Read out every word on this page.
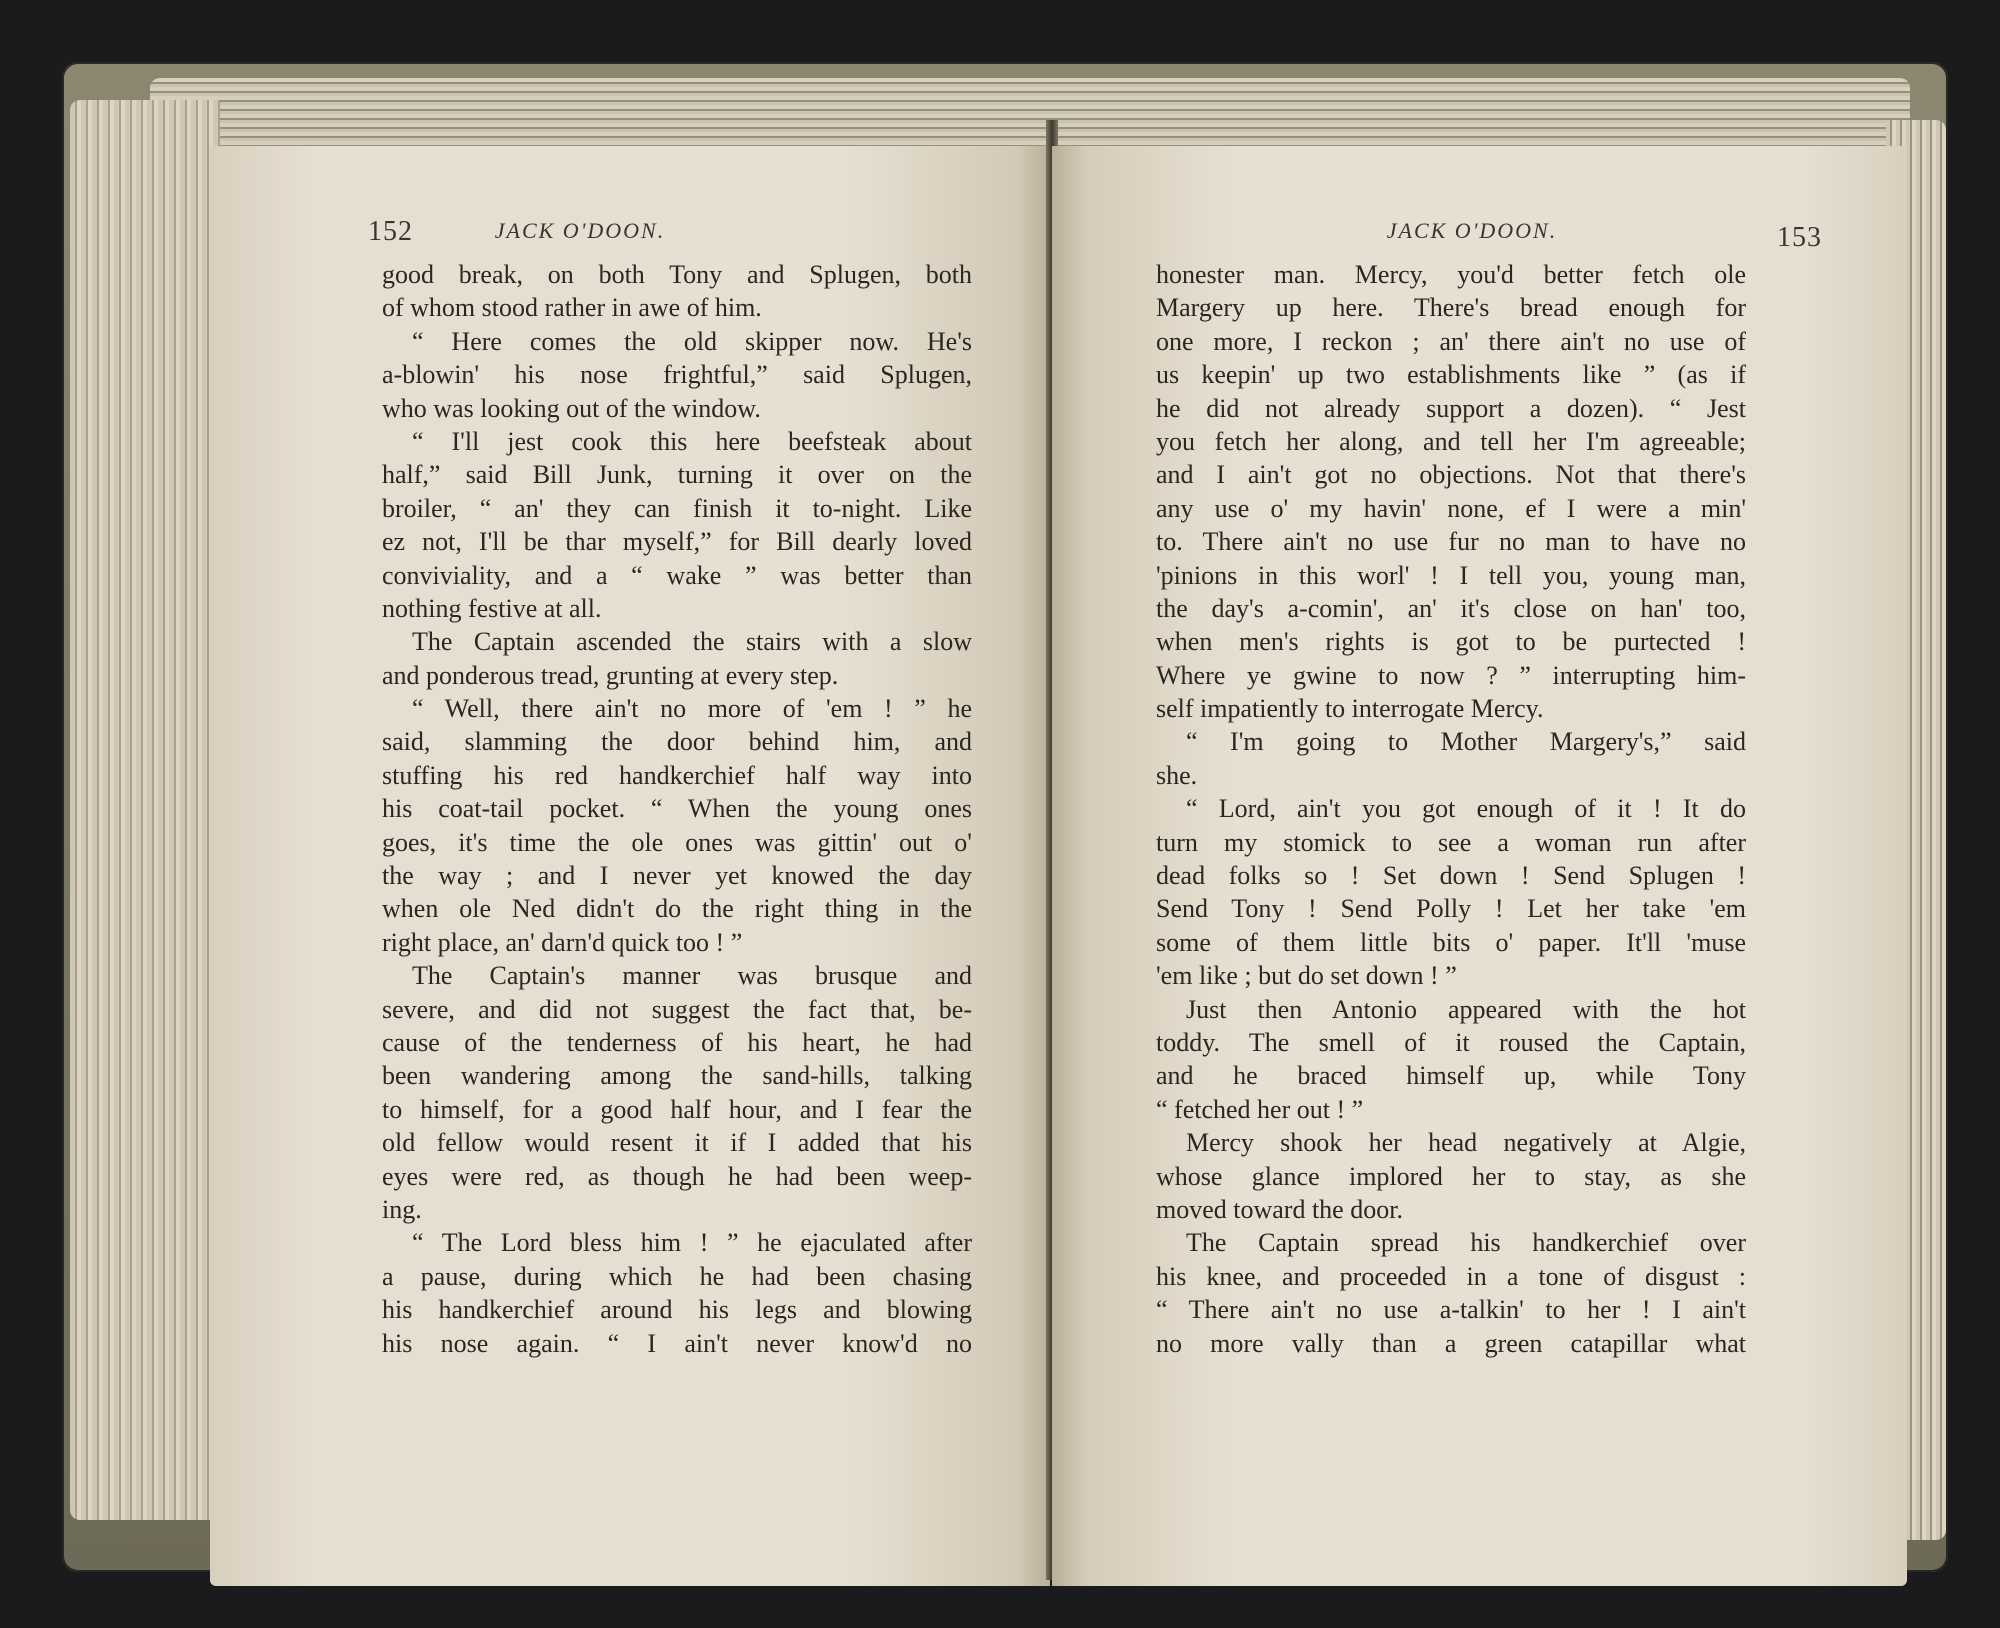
152	JACK O'DOON.
good break, on both Tony and Splugen, both
of whom stood rather in awe of him.
“ Here comes the old skipper now. He's
a-blowin' his nose frightful,” said Splugen,
who was looking out of the window.
“ I'll jest cook this here beefsteak about
half,” said Bill Junk, turning it over on the
broiler, “ an' they can finish it to-night. Like
ez not, I'll be thar myself,” for Bill dearly loved
conviviality, and a “ wake ” was better than
nothing festive at all.
The Captain ascended the stairs with a slow
and ponderous tread, grunting at every step.
“ Well, there ain't no more of 'em ! ” he
said, slamming the door behind him, and
stuffing his red handkerchief half way into
his coat-tail pocket. “ When the young ones
goes, it's time the ole ones was gittin' out o'
the way ; and I never yet knowed the day
when ole Ned didn't do the right thing in the
right place, an' darn'd quick too ! ”
The Captain's manner was brusque and
severe, and did not suggest the fact that, be-
cause of the tenderness of his heart, he had
been wandering among the sand-hills, talking
to himself, for a good half hour, and I fear the
old fellow would resent it if I added that his
eyes were red, as though he had been weep-
ing.
“ The Lord bless him ! ” he ejaculated after
a pause, during which he had been chasing
his handkerchief around his legs and blowing
his nose again. “ I ain't never know'd no
JACK O'DOON.	153
honester man. Mercy, you'd better fetch ole
Margery up here. There's bread enough for
one more, I reckon ; an' there ain't no use of
us keepin' up two establishments like ” (as if
he did not already support a dozen). “ Jest
you fetch her along, and tell her I'm agreeable;
and I ain't got no objections. Not that there's
any use o' my havin' none, ef I were a min'
to. There ain't no use fur no man to have no
'pinions in this worl' ! I tell you, young man,
the day's a-comin', an' it's close on han' too,
when men's rights is got to be purtected !
Where ye gwine to now ? ” interrupting him-
self impatiently to interrogate Mercy.
“ I'm going to Mother Margery's,” said
she.
“ Lord, ain't you got enough of it ! It do
turn my stomick to see a woman run after
dead folks so ! Set down ! Send Splugen !
Send Tony ! Send Polly ! Let her take 'em
some of them little bits o' paper. It'll 'muse
'em like ; but do set down ! ”
Just then Antonio appeared with the hot
toddy. The smell of it roused the Captain,
and he braced himself up, while Tony
“ fetched her out ! ”
Mercy shook her head negatively at Algie,
whose glance implored her to stay, as she
moved toward the door.
The Captain spread his handkerchief over
his knee, and proceeded in a tone of disgust :
“ There ain't no use a-talkin' to her ! I ain't
no more vally than a green catapillar what
